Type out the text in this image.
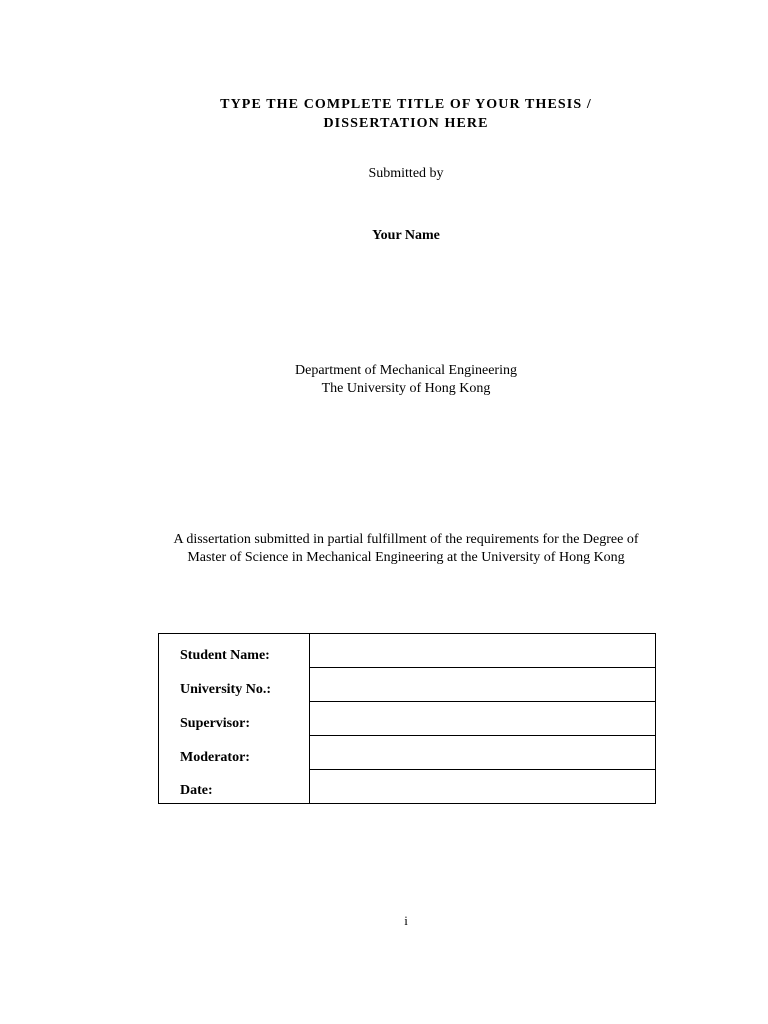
TYPE THE COMPLETE TITLE OF YOUR THESIS /
DISSERTATION HERE
Submitted by
Your Name
Department of Mechanical Engineering
The University of Hong Kong
A dissertation submitted in partial fulfillment of the requirements for the Degree of
Master of Science in Mechanical Engineering at the University of Hong Kong
Student Name:	
University No.:	
Supervisor:	
Moderator:	
Date:	
i
